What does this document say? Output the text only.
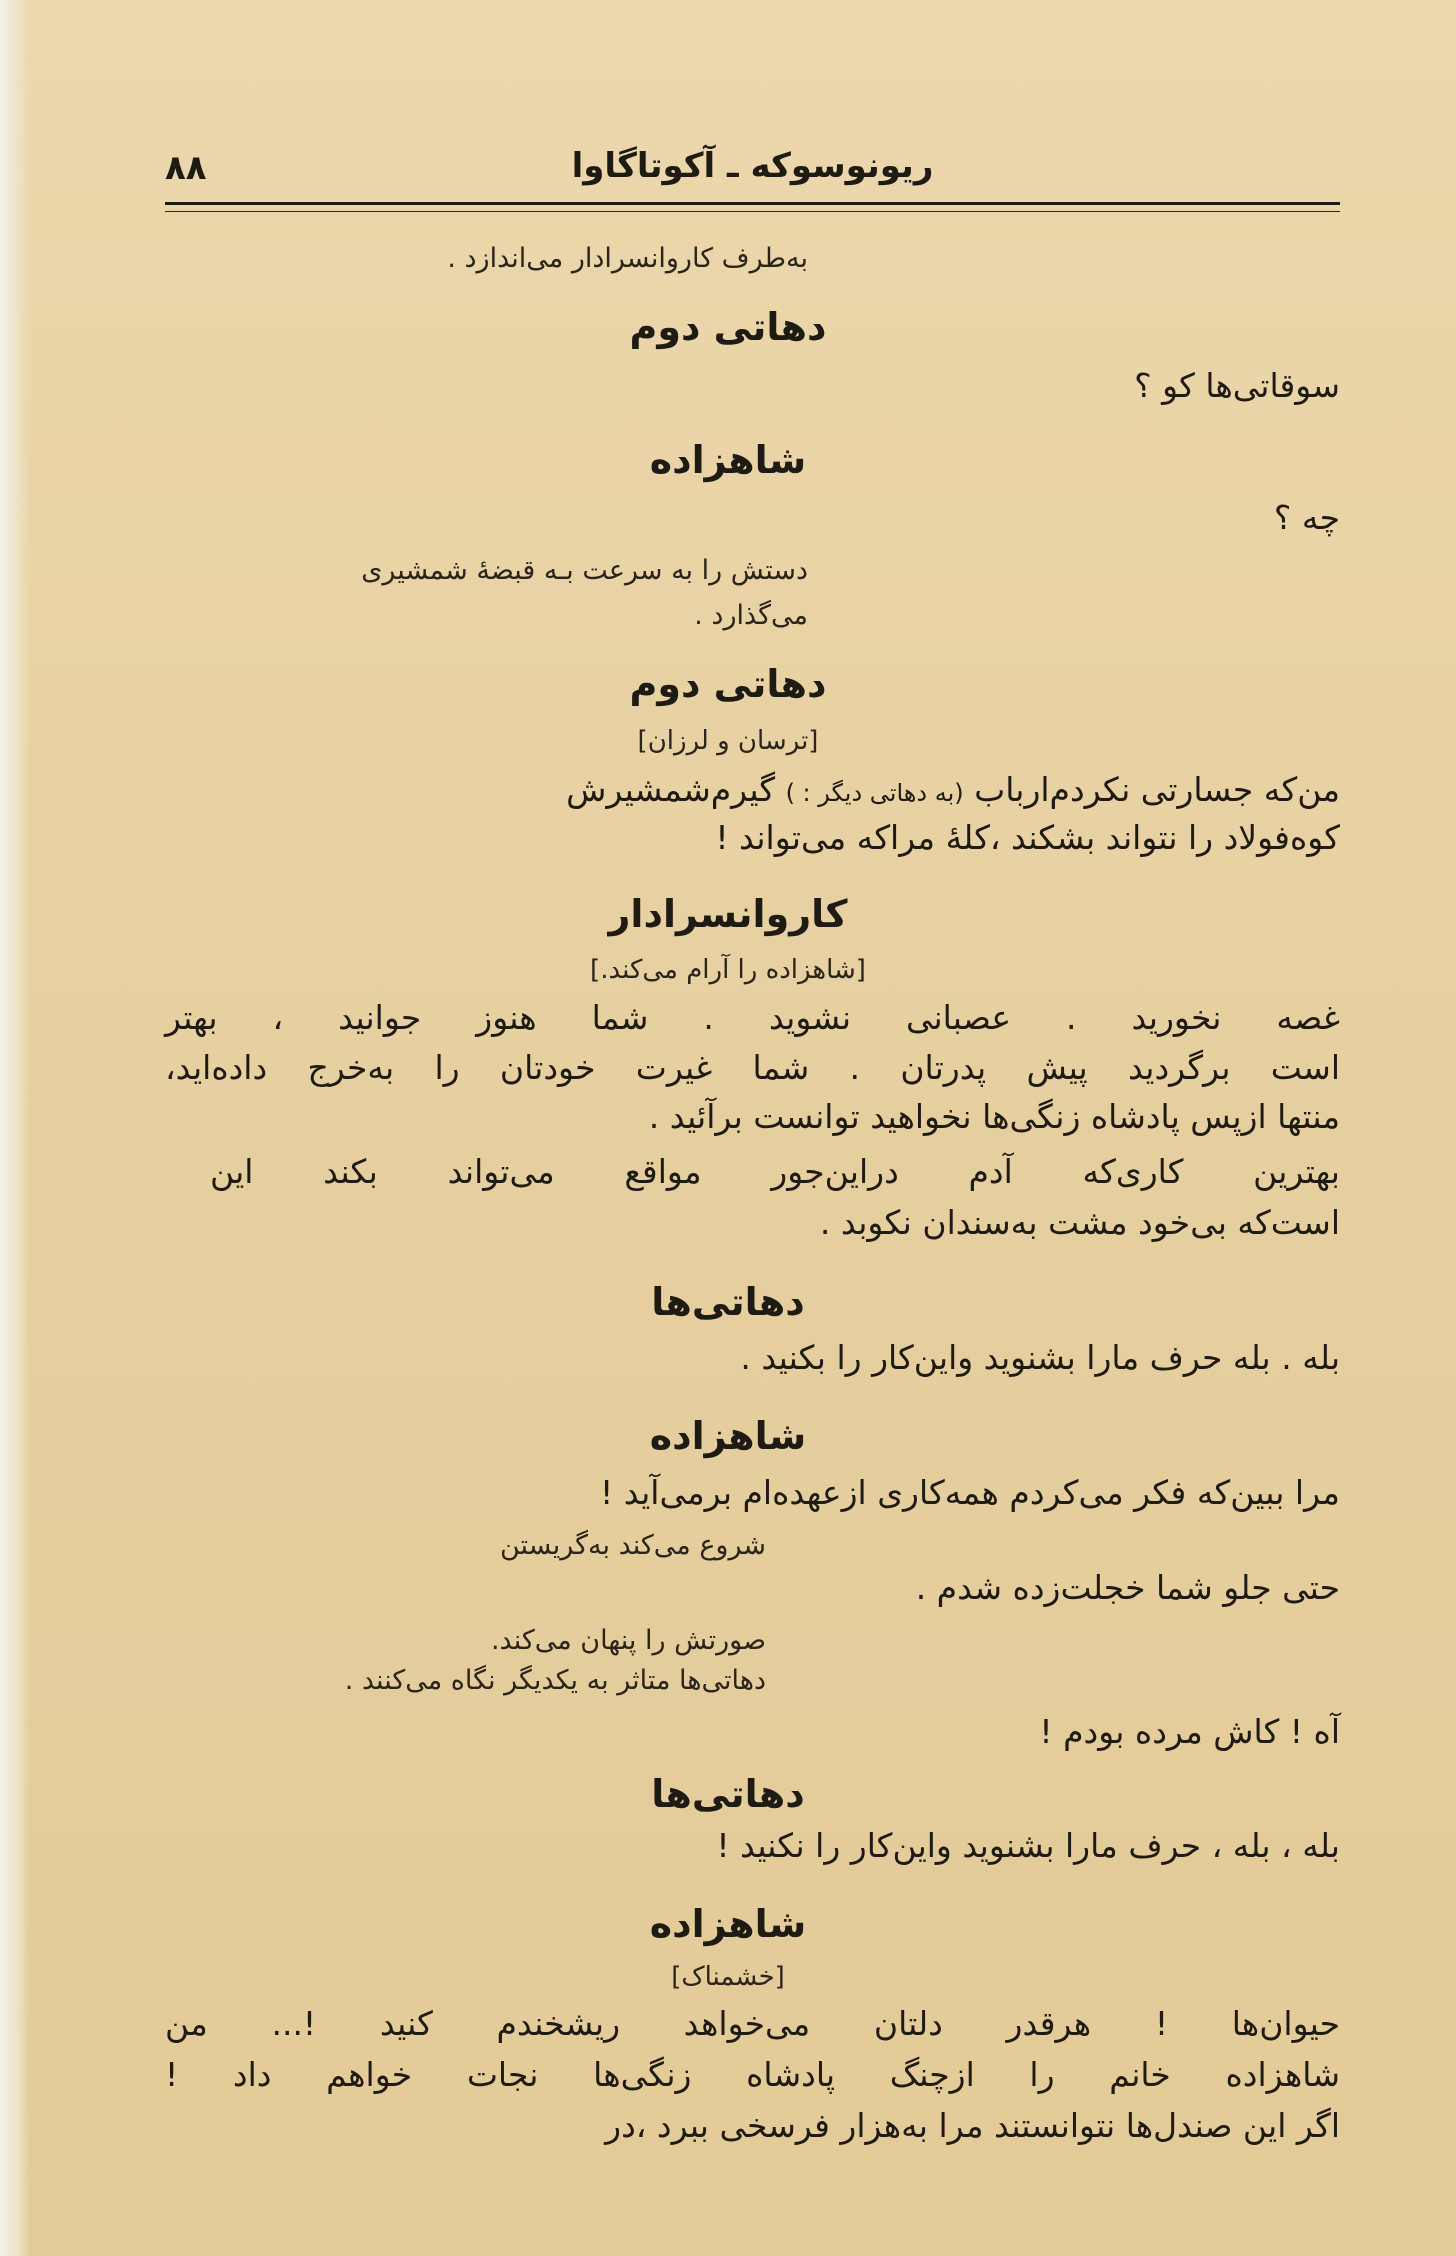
۸۸	ریونوسوکه ـ آکوتاگاوا

به‌طرف کاروانسرادار می‌اندازد .

دهاتی دوم

سوقاتی‌ها کو ؟

شاهزاده

چه ؟

دستش را به سرعت بـه قبضهٔ شمشیری

می‌گذارد .

دهاتی دوم

[ترسان و لرزان]

من‌که جسارتی نکردم‌ارباب (به دهاتی دیگر : ) گیرم‌شمشیرش

کوه‌فولاد را نتواند بشکند ،کلهٔ مراکه می‌تواند !

کاروانسرادار

[شاهزاده را آرام می‌کند.]

غصه نخورید . عصبانی نشوید . شما هنوز جوانید ، بهتر

است برگردید پیش پدرتان . شما غیرت خودتان را به‌خرج داده‌اید،

منتها ازپس پادشاه زنگی‌ها نخواهید توانست برآئید .

بهترین کاری‌که آدم دراین‌جور مواقع می‌تواند بکند این

است‌که بی‌خود مشت به‌سندان نکوبد .

دهاتی‌ها

بله . بله حرف مارا بشنوید واین‌کار را بکنید .

شاهزاده

مرا ببین‌که فکر می‌کردم همه‌کاری ازعهده‌ام برمی‌آید !

شروع می‌کند به‌گریستن

حتی جلو شما خجلت‌زده شدم .

صورتش را پنهان می‌کند.

دهاتی‌ها متاثر به یکدیگر نگاه می‌کنند .

آه ! کاش مرده بودم !

دهاتی‌ها

بله ، بله ، حرف مارا بشنوید واین‌کار را نکنید !

شاهزاده

[خشمناک]

حیوان‌ها ! هرقدر دلتان می‌خواهد ریشخندم کنید !... من

شاهزاده خانم را ازچنگ پادشاه زنگی‌ها نجات خواهم داد !

اگر این صندل‌ها نتوانستند مرا به‌هزار فرسخی ببرد ،در
